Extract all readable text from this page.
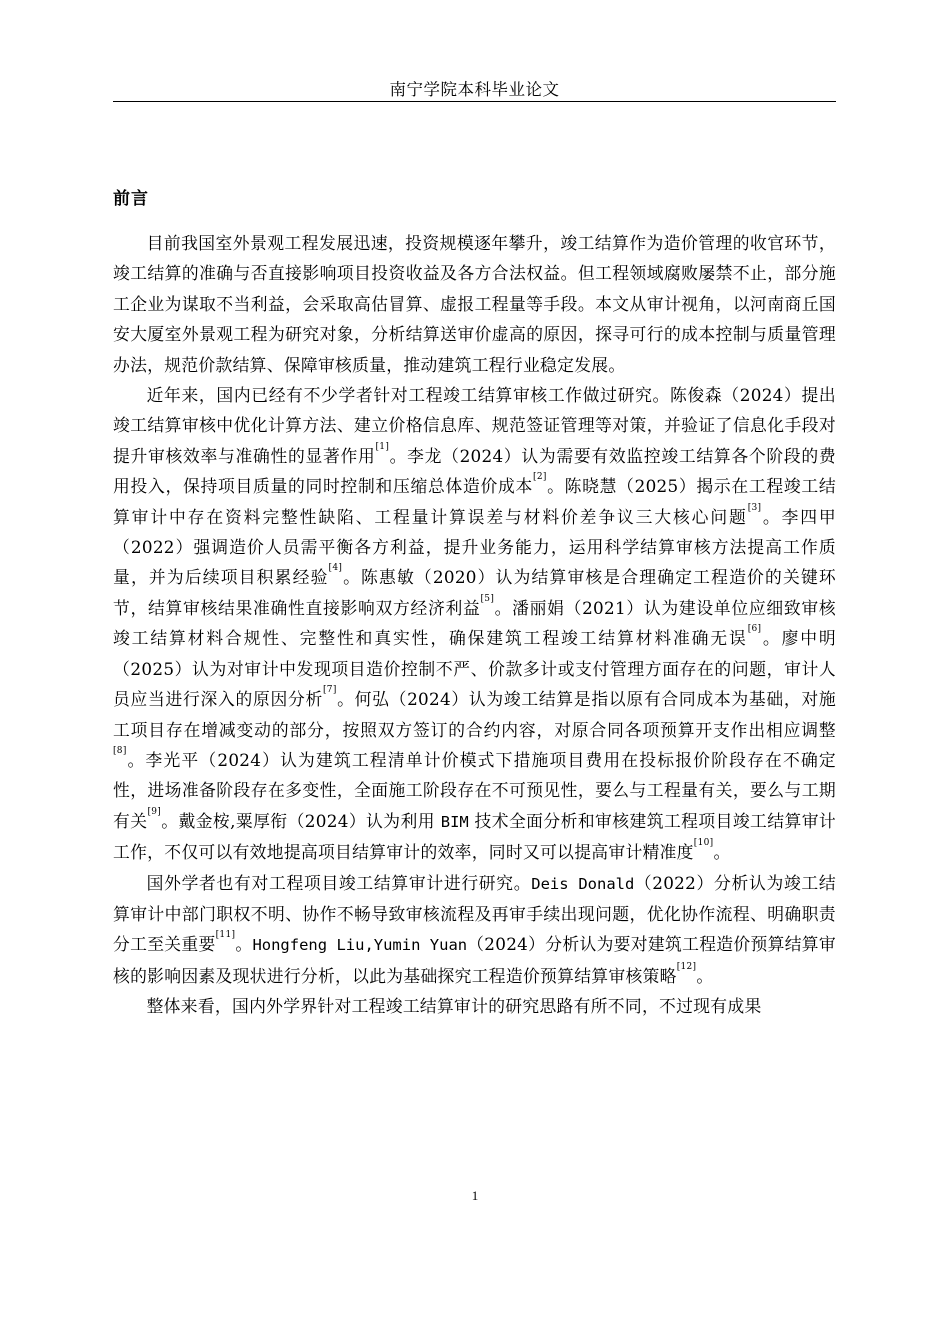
南宁学院本科毕业论文
前言

目前我国室外景观工程发展迅速，投资规模逐年攀升，竣工结算作为造价管理的收官环节，竣工结算的准确与否直接影响项目投资收益及各方合法权益。但工程领域腐败屡禁不止，部分施工企业为谋取不当利益，会采取高估冒算、虚报工程量等手段。本文从审计视角，以河南商丘国安大厦室外景观工程为研究对象，分析结算送审价虚高的原因，探寻可行的成本控制与质量管理办法，规范价款结算、保障审核质量，推动建筑工程行业稳定发展。

近年来，国内已经有不少学者针对工程竣工结算审核工作做过研究。陈俊森（2024）提出竣工结算审核中优化计算方法、建立价格信息库、规范签证管理等对策，并验证了信息化手段对提升审核效率与准确性的显著作用[1]。李龙（2024）认为需要有效监控竣工结算各个阶段的费用投入，保持项目质量的同时控制和压缩总体造价成本[2]。陈晓慧（2025）揭示在工程竣工结算审计中存在资料完整性缺陷、工程量计算误差与材料价差争议三大核心问题[3]。李四甲（2022）强调造价人员需平衡各方利益，提升业务能力，运用科学结算审核方法提高工作质量，并为后续项目积累经验[4]。陈惠敏（2020）认为结算审核是合理确定工程造价的关键环节，结算审核结果准确性直接影响双方经济利益[5]。潘丽娟（2021）认为建设单位应细致审核竣工结算材料合规性、完整性和真实性，确保建筑工程竣工结算材料准确无误[6]。廖中明（2025）认为对审计中发现项目造价控制不严、价款多计或支付管理方面存在的问题，审计人员应当进行深入的原因分析[7]。何弘（2024）认为竣工结算是指以原有合同成本为基础，对施工项目存在增减变动的部分，按照双方签订的合约内容，对原合同各项预算开支作出相应调整[8]。李光平（2024）认为建筑工程清单计价模式下措施项目费用在投标报价阶段存在不确定性，进场准备阶段存在多变性，全面施工阶段存在不可预见性，要么与工程量有关，要么与工期有关[9]。戴金桉,粟厚衔（2024）认为利用 BIM 技术全面分析和审核建筑工程项目竣工结算审计工作，不仅可以有效地提高项目结算审计的效率，同时又可以提高审计精准度[10]。

国外学者也有对工程项目竣工结算审计进行研究。Deis Donald（2022）分析认为竣工结算审计中部门职权不明、协作不畅导致审核流程及再审手续出现问题，优化协作流程、明确职责分工至关重要[11]。Hongfeng Liu,Yumin Yuan（2024）分析认为要对建筑工程造价预算结算审核的影响因素及现状进行分析，以此为基础探究工程造价预算结算审核策略[12]。

整体来看，国内外学界针对工程竣工结算审计的研究思路有所不同，不过现有成果

1
